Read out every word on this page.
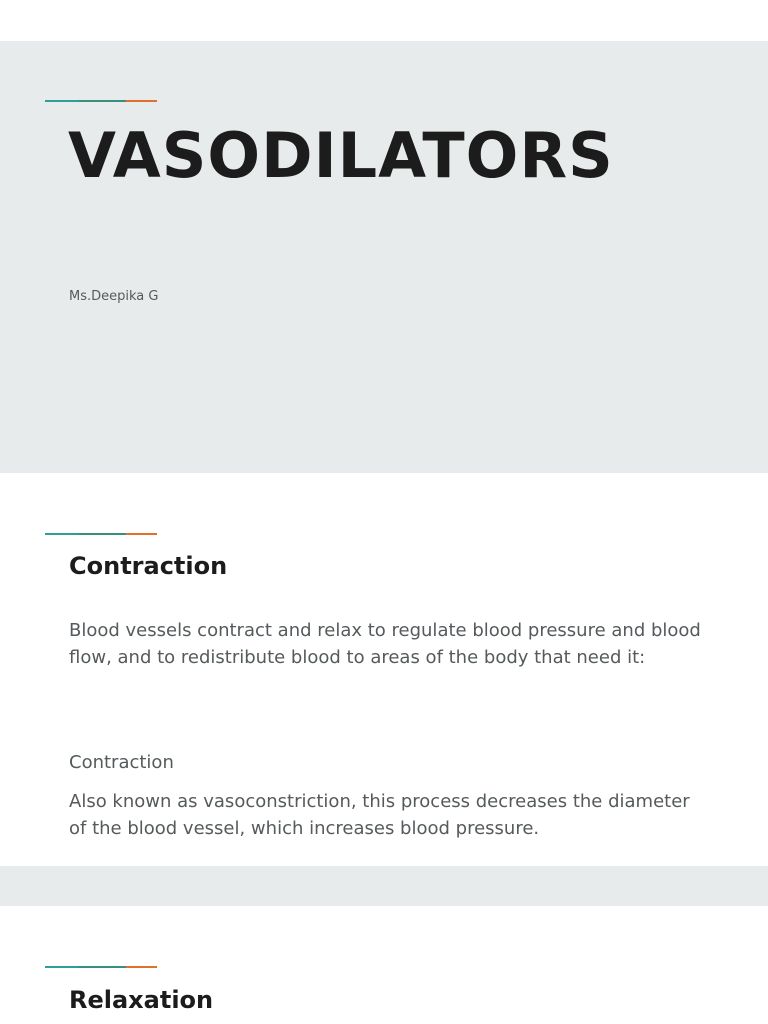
VASODILATORS
Ms.Deepika G
Contraction

Blood vessels contract and relax to regulate blood pressure and blood flow, and to redistribute blood to areas of the body that need it:

Contraction

Also known as vasoconstriction, this process decreases the diameter of the blood vessel, which increases blood pressure.

Relaxation
